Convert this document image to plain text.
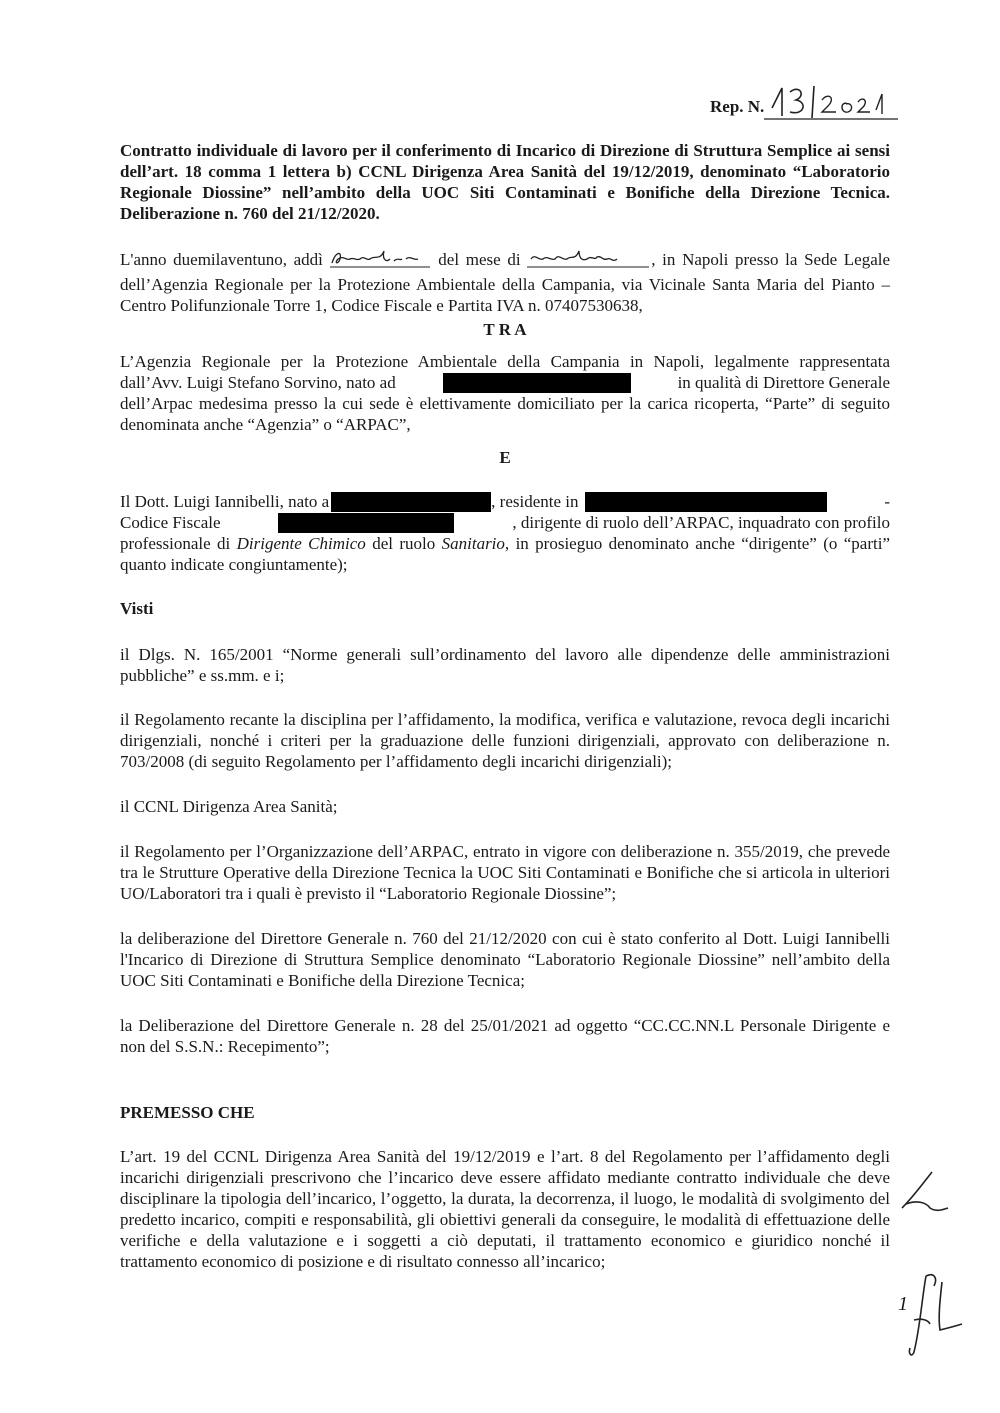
Rep. N.
Contratto individuale di lavoro per il conferimento di Incarico di Direzione di Struttura Semplice ai sensi dell’art. 18 comma 1 lettera b) CCNL Dirigenza Area Sanità del 19/12/2019, denominato “Laboratorio Regionale Diossine” nell’ambito della UOC Siti Contaminati e Bonifiche della Direzione Tecnica. Deliberazione n. 760 del 21/12/2020.
L'anno duemilaventuno, addì	del mese di	, in Napoli presso la Sede Legale dell’Agenzia Regionale per la Protezione Ambientale della Campania, via Vicinale Santa Maria del Pianto – Centro Polifunzionale Torre 1, Codice Fiscale e Partita IVA n. 07407530638,
T R A
L’Agenzia Regionale per la Protezione Ambientale della Campania in Napoli, legalmente rappresentata
dall’Avv. Luigi Stefano Sorvino, nato ad	in qualità di Direttore Generale
dell’Arpac medesima presso la cui sede è elettivamente domiciliato per la carica ricoperta, “Parte” di seguito denominata anche “Agenzia” o “ARPAC”,
E
Il Dott. Luigi Iannibelli, nato a	, residente in	-
Codice Fiscale	, dirigente di ruolo dell’ARPAC, inquadrato con profilo
professionale di Dirigente Chimico del ruolo Sanitario, in prosieguo denominato anche “dirigente” (o “parti” quanto indicate congiuntamente);
Visti
il Dlgs. N. 165/2001 “Norme generali sull’ordinamento del lavoro alle dipendenze delle amministrazioni pubbliche” e ss.mm. e i;
il Regolamento recante la disciplina per l’affidamento, la modifica, verifica e valutazione, revoca degli incarichi dirigenziali, nonché i criteri per la graduazione delle funzioni dirigenziali, approvato con deliberazione n. 703/2008 (di seguito Regolamento per l’affidamento degli incarichi dirigenziali);
il CCNL Dirigenza Area Sanità;
il Regolamento per l’Organizzazione dell’ARPAC, entrato in vigore con deliberazione n. 355/2019, che prevede tra le Strutture Operative della Direzione Tecnica la UOC Siti Contaminati e Bonifiche che si articola in ulteriori UO/Laboratori tra i quali è previsto il “Laboratorio Regionale Diossine”;
la deliberazione del Direttore Generale n. 760 del 21/12/2020 con cui è stato conferito al Dott. Luigi Iannibelli l'Incarico di Direzione di Struttura Semplice denominato “Laboratorio Regionale Diossine” nell’ambito della UOC Siti Contaminati e Bonifiche della Direzione Tecnica;
la Deliberazione del Direttore Generale n. 28 del 25/01/2021 ad oggetto “CC.CC.NN.L Personale Dirigente e non del S.S.N.: Recepimento”;
PREMESSO CHE
L’art. 19 del CCNL Dirigenza Area Sanità del 19/12/2019 e l’art. 8 del Regolamento per l’affidamento degli incarichi dirigenziali prescrivono che l’incarico deve essere affidato mediante contratto individuale che deve disciplinare la tipologia dell’incarico, l’oggetto, la durata, la decorrenza, il luogo, le modalità di svolgimento del predetto incarico, compiti e responsabilità, gli obiettivi generali da conseguire, le modalità di effettuazione delle verifiche e della valutazione e i soggetti a ciò deputati, il trattamento economico e giuridico nonché il trattamento economico di posizione e di risultato connesso all’incarico;
1
